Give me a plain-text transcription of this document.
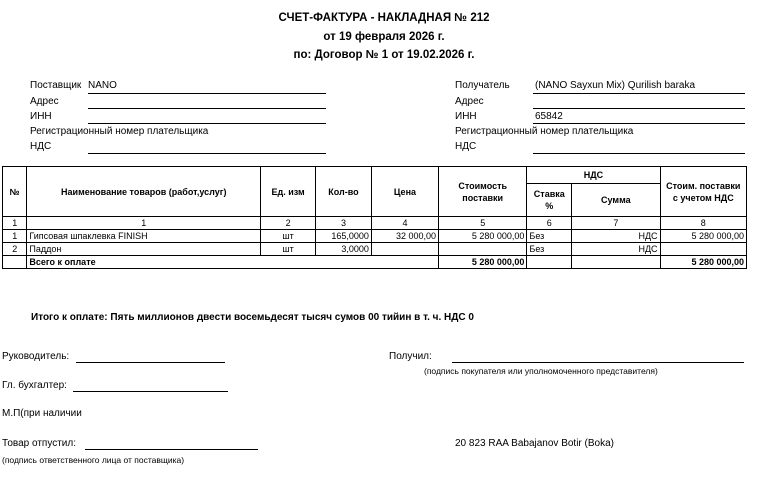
СЧЕТ-ФАКТУРА - НАКЛАДНАЯ № 212
от 19 февраля 2026 г.
по: Договор № 1 от 19.02.2026 г.
Поставщик NANO
Адрес
ИНН
Регистрационный номер плательщика
НДС
Получатель	(NANO Sayxun Mix) Qurilish baraka
Адрес
ИНН	65842
Регистрационный номер плательщика
НДС
№	Наименование товаров (работ,услуг)	Ед. изм	Кол-во	Цена	Стоимость поставки	НДС		Стоим. поставки с учетом НДС
						Ставка %	Сумма	
1	1	2	3	4	5	6	7	8
1	Гипсовая шпаклевка FINISH	шт	165,0000	32 000,00	5 280 000,00	Без	НДС	5 280 000,00
2	Паддон	шт	3,0000			Без	НДС	
	Всего к оплате				5 280 000,00			5 280 000,00
Итого к оплате: Пять миллионов двести восемьдесят тысяч сумов 00 тийин в т. ч. НДС 0
Руководитель:
Гл. бухгалтер:
М.П(при наличии
Товар отпустил:
(подпись ответственного лица от поставщика)
Получил:
(подпись покупателя или уполномоченного представителя)
20 823 RAA Babajanov Botir (Boka)
